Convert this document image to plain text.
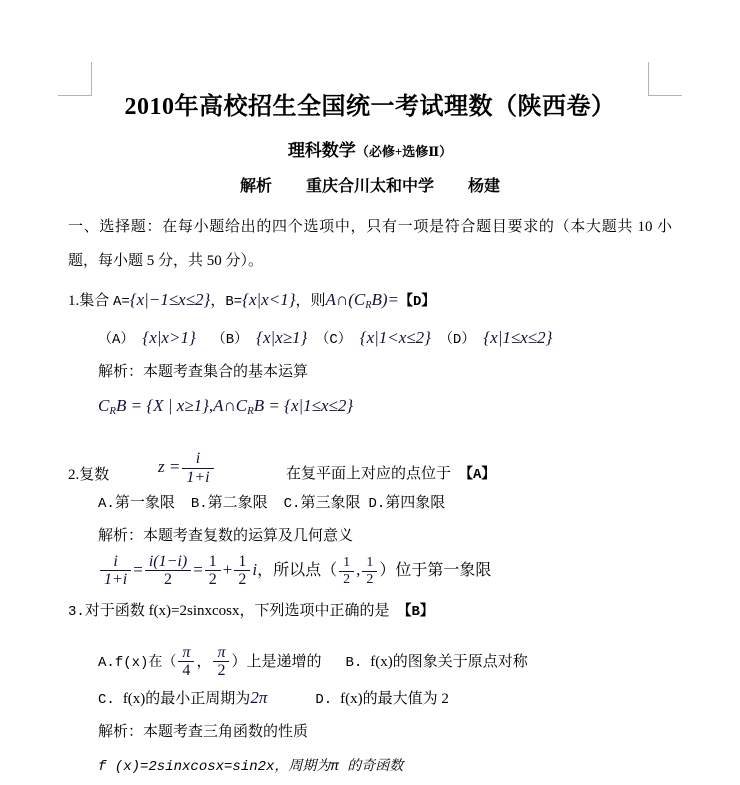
2010年高校招生全国统一考试理数（陕西卷）
理科数学（必修+选修Ⅱ）
解析 重庆合川太和中学 杨建
一、选择题：在每小题给出的四个选项中，只有一项是符合题目要求的（本大题共 10 小题，每小题 5 分，共 50 分）。
1.集合 A={x|−1≤x≤2}，B={x|x<1}，则$A\cap(C_RB)=$【D】
（A） {x|x>1} （B） {x|x≥1} （C） {x|1<x≤2} （D） {x|1≤x≤2}
解析：本题考查集合的基本运算
$C_RB = \{X$ | $x\ge 1\},A\cap C_RB = \{x|1\le x\le 2\}$
2.复数	$z = \frac{i}{1+i}$	在复平面上对应的点位于 【A】
A.第一象限 B.第二象限 C.第三象限 D.第四象限
解析：本题考查复数的运算及几何意义
$\frac{i}{1+i} = \frac{i(1-i)}{2} = \frac{1}{2} + \frac{1}{2}$ i，所以点（ $\frac{1}{2}$ , $\frac{1}{2}$ ）位于第一象限
3.对于函数 f(x)=2sinxcosx，下列选项中正确的是 【B】
A.f(x)在（ $\frac{\pi}{4}$ ， $\frac{\pi}{2}$ ）上是递增的 B. f(x)的图象关于原点对称
C. f(x)的最小正周期为2π	D. f(x)的最大值为 2
解析：本题考查三角函数的性质
f (x)=2sinxcosx=sin2x，周期为π 的奇函数
